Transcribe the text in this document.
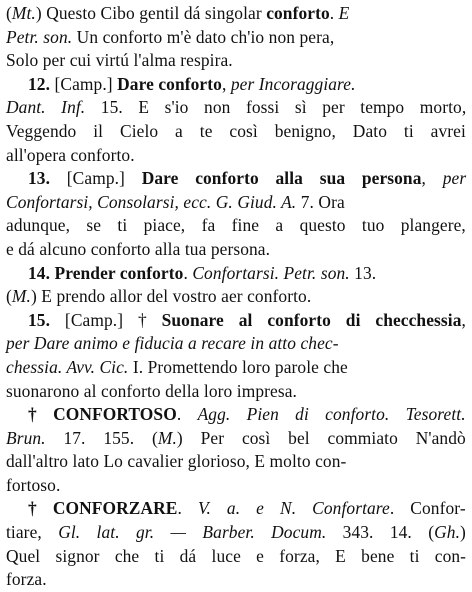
(Mt.) Questo Cibo gentil dá singolar conforto. E
Petr. son. Un conforto m'è dato ch'io non pera,
Solo per cui virtú l'alma respira.
12. [Camp.] Dare conforto, per Incoraggiare.
Dant. Inf. 15. E s'io non fossi sì per tempo morto,
Veggendo il Cielo a te così benigno, Dato ti avrei
all'opera conforto.
13. [Camp.] Dare conforto alla sua persona, per
Confortarsi, Consolarsi, ecc. G. Giud. A. 7. Ora
adunque, se ti piace, fa fine a questo tuo plangere,
e dá alcuno conforto alla tua persona.
14. Prender conforto. Confortarsi. Petr. son. 13.
(M.) E prendo allor del vostro aer conforto.
15. [Camp.] † Suonare al conforto di checchessia,
per Dare animo e fiducia a recare in atto chec-
chessia. Avv. Cic. I. Promettendo loro parole che
suonarono al conforto della loro impresa.
† CONFORTOSO. Agg. Pien di conforto. Tesorett.
Brun. 17. 155. (M.) Per così bel commiato N'andò
dall'altro lato Lo cavalier glorioso, E molto con-
fortoso.
† CONFORZARE. V. a. e N. Confortare. Confor-
tiare, Gl. lat. gr. — Barber. Docum. 343. 14. (Gh.)
Quel signor che ti dá luce e forza, E bene ti con-
forza.
